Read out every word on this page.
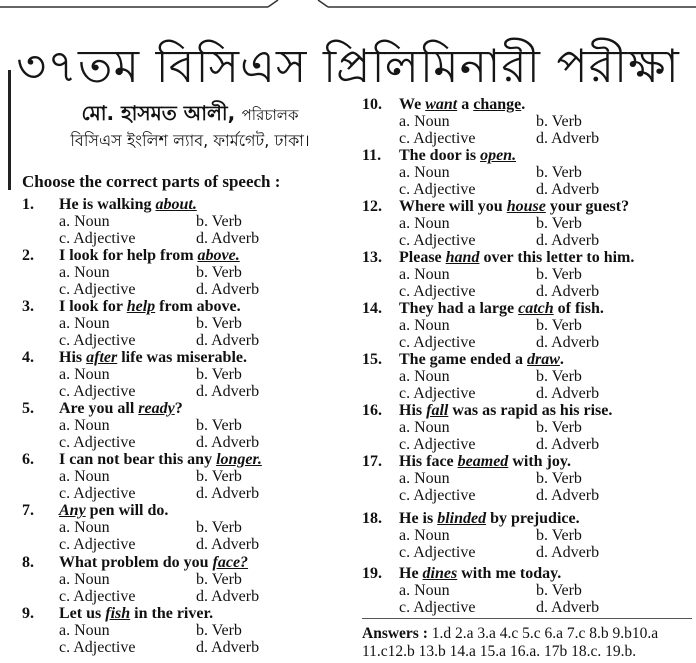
৩৭তম বিসিএস প্রিলিমিনারী পরীক্ষা
মো. হাসমত আলী, পরিচালক
বিসিএস ইংলিশ ল্যাব, ফার্মগেট, ঢাকা।
Choose the correct parts of speech :
1.	He is walking about.
a. Noun	b. Verb
c. Adjective	d. Adverb
2.	I look for help from above.
a. Noun	b. Verb
c. Adjective	d. Adverb
3.	I look for help from above.
a. Noun	b. Verb
c. Adjective	d. Adverb
4.	His after life was miserable.
a. Noun	b. Verb
c. Adjective	d. Adverb
5.	Are you all ready?
a. Noun	b. Verb
c. Adjective	d. Adverb
6.	I can not bear this any longer.
a. Noun	b. Verb
c. Adjective	d. Adverb
7.	Any pen will do.
a. Noun	b. Verb
c. Adjective	d. Adverb
8.	What problem do you face?
a. Noun	b. Verb
c. Adjective	d. Adverb
9.	Let us fish in the river.
a. Noun	b. Verb
c. Adjective	d. Adverb
10.	We want a change.
a. Noun	b. Verb
c. Adjective	d. Adverb
11.	The door is open.
a. Noun	b. Verb
c. Adjective	d. Adverb
12.	Where will you house your guest?
a. Noun	b. Verb
c. Adjective	d. Adverb
13.	Please hand over this letter to him.
a. Noun	b. Verb
c. Adjective	d. Adverb
14.	They had a large catch of fish.
a. Noun	b. Verb
c. Adjective	d. Adverb
15.	The game ended a draw.
a. Noun	b. Verb
c. Adjective	d. Adverb
16.	His fall was as rapid as his rise.
a. Noun	b. Verb
c. Adjective	d. Adverb
17.	His face beamed with joy.
a. Noun	b. Verb
c. Adjective	d. Adverb
18.	He is blinded by prejudice.
a. Noun	b. Verb
c. Adjective	d. Adverb
19.	He dines with me today.
a. Noun	b. Verb
c. Adjective	d. Adverb
Answers : 1.d 2.a 3.a 4.c 5.c 6.a 7.c 8.b 9.b10.a
11.c12.b 13.b 14.a 15.a 16.a. 17b 18.c. 19.b.
